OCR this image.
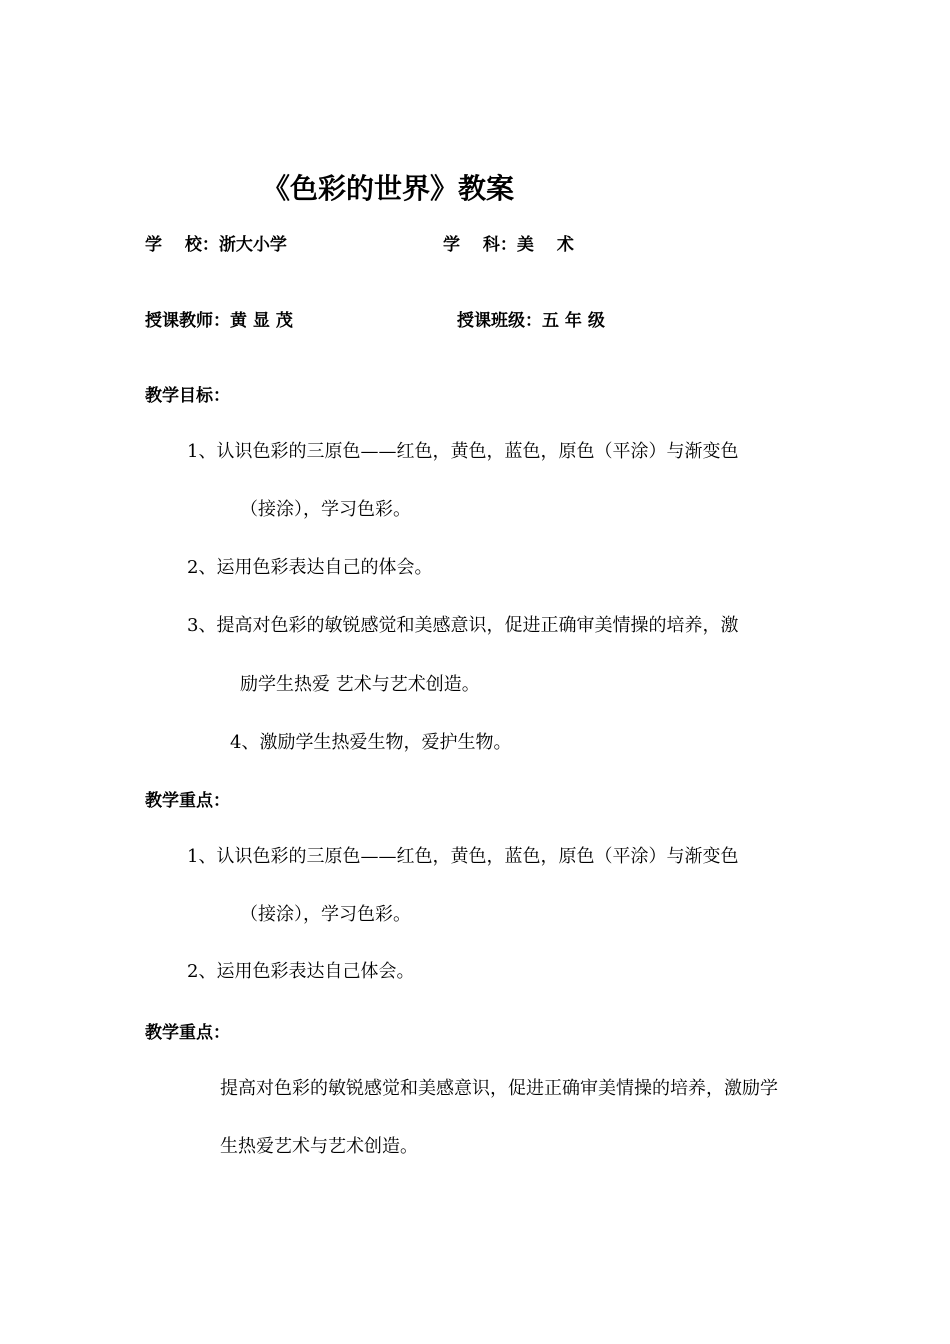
《色彩的世界》教案
学　 校：浙大小学	学　 科：美　 术
授课教师：黄 显 茂	授课班级：五 年 级
教学目标：
1、认识色彩的三原色——红色，黄色，蓝色，原色（平涂）与渐变色
（接涂），学习色彩。
2、运用色彩表达自己的体会。
3、提高对色彩的敏锐感觉和美感意识，促进正确审美情操的培养，激
励学生热爱 艺术与艺术创造。
4、激励学生热爱生物，爱护生物。
教学重点：
1、认识色彩的三原色——红色，黄色，蓝色，原色（平涂）与渐变色
（接涂），学习色彩。
2、运用色彩表达自己体会。
教学重点：
提高对色彩的敏锐感觉和美感意识，促进正确审美情操的培养，激励学
生热爱艺术与艺术创造。
